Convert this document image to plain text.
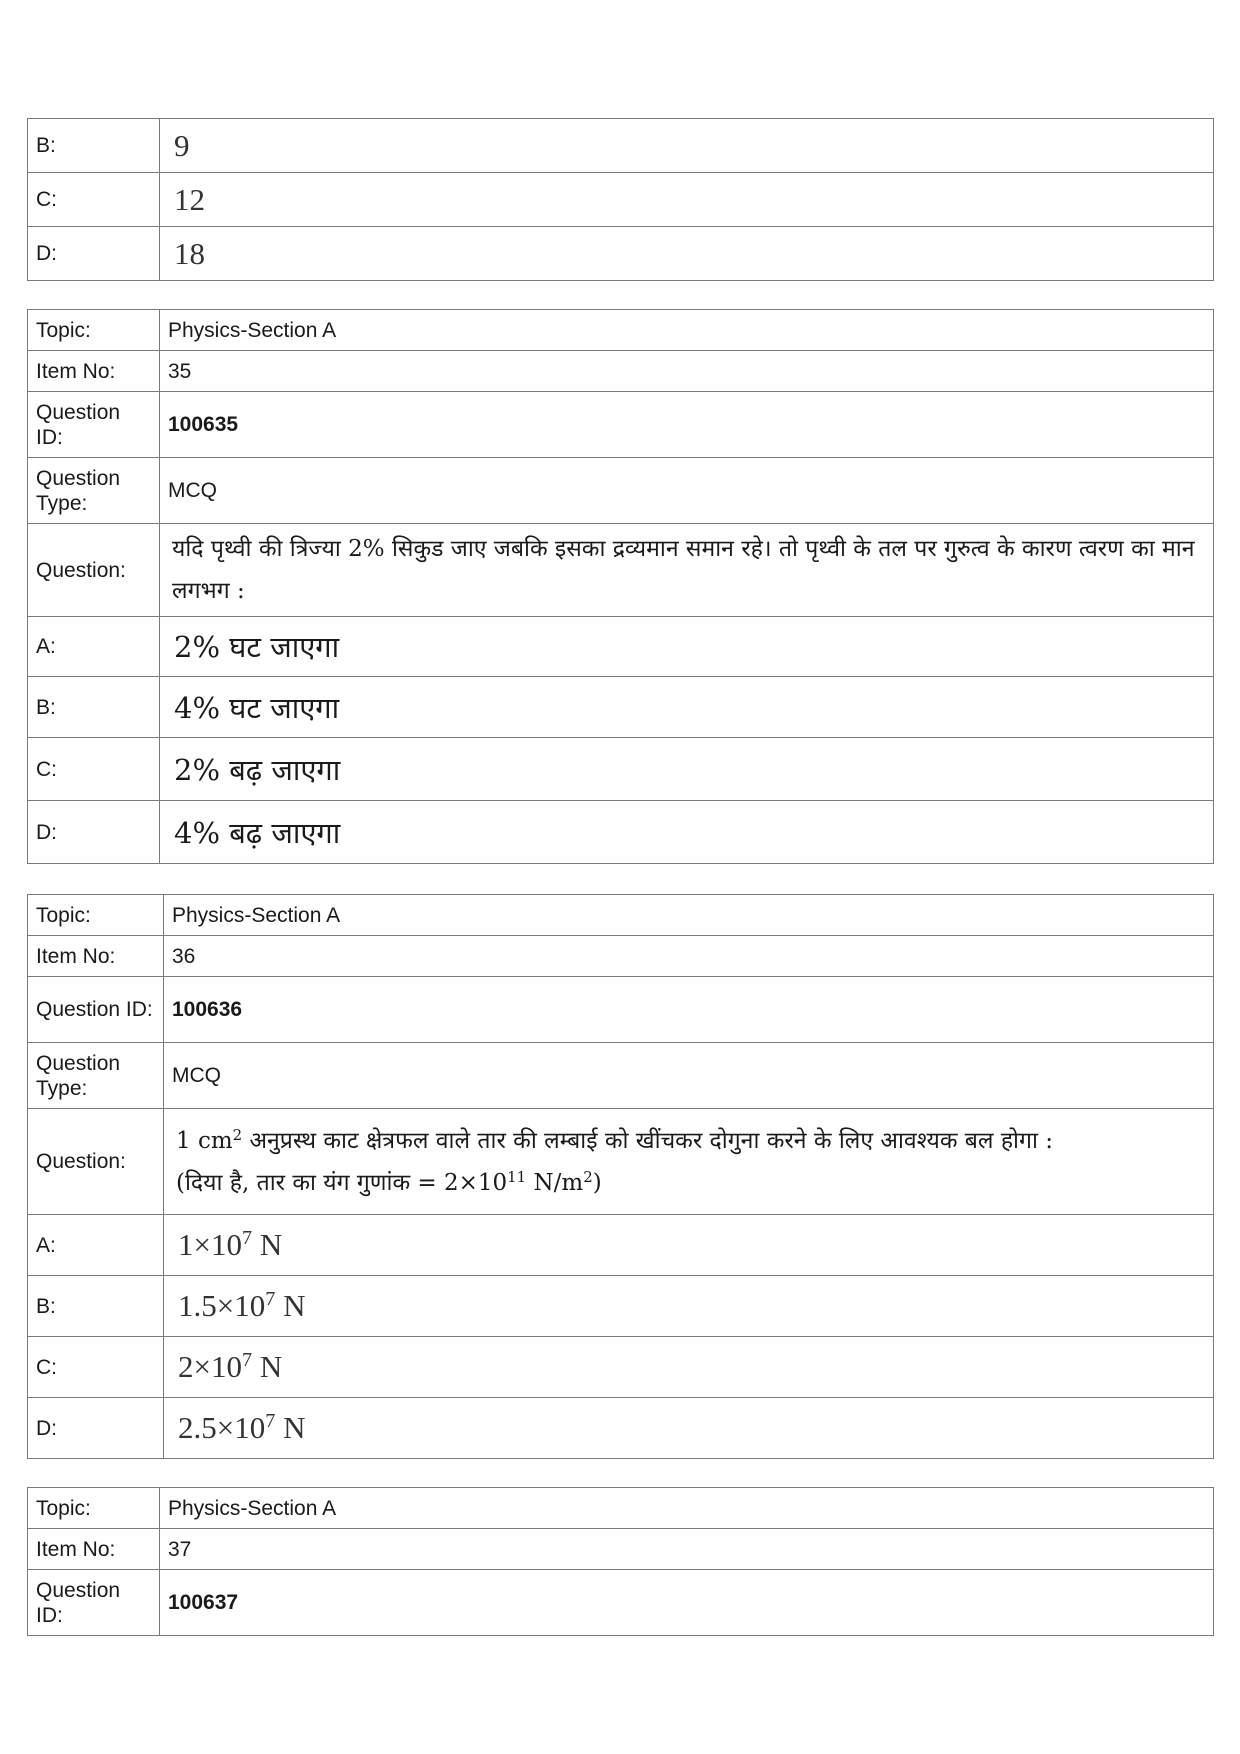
B:	9
C:	12
D:	18
Topic:	Physics-Section A
Item No:	35
Question ID:	100635
Question Type:	MCQ
Question:	यदि पृथ्वी की त्रिज्या 2% सिकुड जाए जबकि इसका द्रव्यमान समान रहे। तो पृथ्वी के तल पर गुरुत्व के कारण त्वरण का मान लगभग :
A:	2% घट जाएगा
B:	4% घट जाएगा
C:	2% बढ़ जाएगा
D:	4% बढ़ जाएगा
Topic:	Physics-Section A
Item No:	36
Question ID:	100636
Question Type:	MCQ
Question:	1 $cm^2$ अनुप्रस्थ काट क्षेत्रफल वाले तार की लम्बाई को खींचकर दोगुना करने के लिए आवश्यक बल होगा :
(दिया है, तार का यंग गुणांक = $2\times 10^{11}$ $N/m^2$)

A:	$1\times 10^7$ N
B:	$1.5\times 10^7$ N
C:	$2\times 10^7$ N
D:	$2.5\times 10^7$ N
Topic:	Physics-Section A
Item No:	37
Question ID:	100637
